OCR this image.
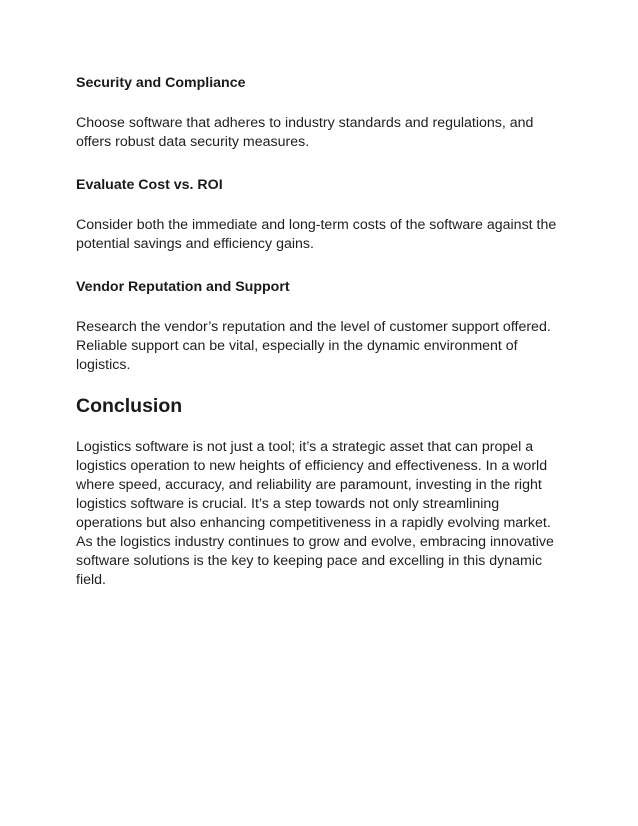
Security and Compliance

Choose software that adheres to industry standards and regulations, and offers robust data security measures.

Evaluate Cost vs. ROI

Consider both the immediate and long-term costs of the software against the potential savings and efficiency gains.

Vendor Reputation and Support

Research the vendor’s reputation and the level of customer support offered. Reliable support can be vital, especially in the dynamic environment of logistics.

Conclusion

Logistics software is not just a tool; it’s a strategic asset that can propel a logistics operation to new heights of efficiency and effectiveness. In a world where speed, accuracy, and reliability are paramount, investing in the right logistics software is crucial. It’s a step towards not only streamlining operations but also enhancing competitiveness in a rapidly evolving market. As the logistics industry continues to grow and evolve, embracing innovative software solutions is the key to keeping pace and excelling in this dynamic field.
